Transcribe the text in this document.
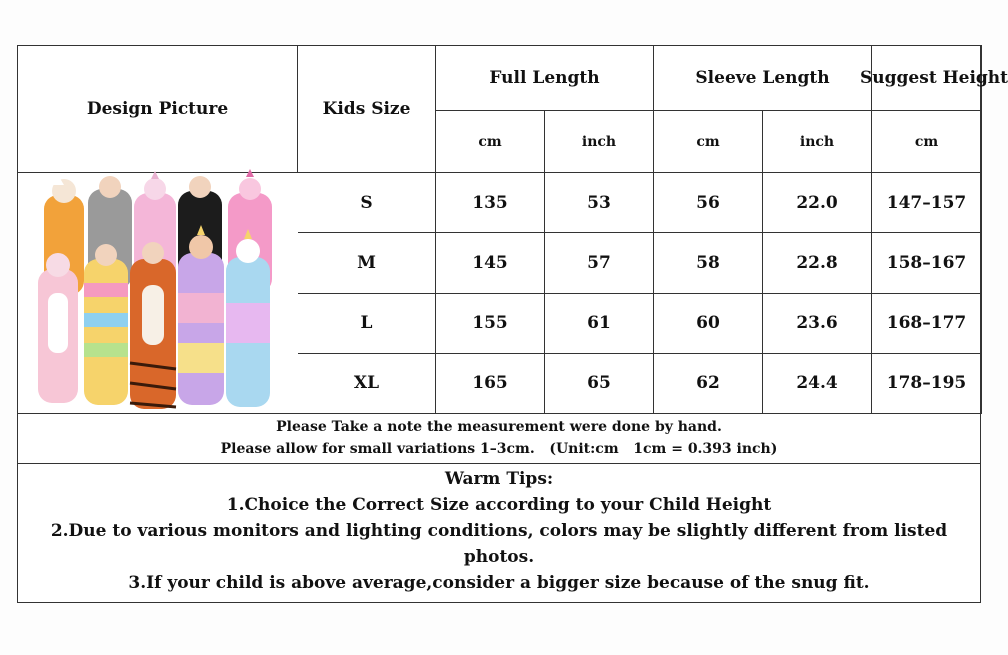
Design Picture	Kids Size	Full Length		Sleeve Length		Suggest Height

		cm	inch	cm	inch	cm

	S	135	53	56	22.0	147–157
	M	145	57	58	22.8	158–167
	L	155	61	60	23.6	168–177
	XL	165	65	62	24.4	178–195
Please Take a note the measurement were done by hand.
Please allow for small variations 1–3cm.   (Unit:cm   1cm = 0.393 inch)
Warm Tips:
1.Choice the Correct Size according to your Child Height
2.Due to various monitors and lighting conditions, colors may be slightly different from listed photos.
3.If your child is above average,consider a bigger size because of the snug fit.
